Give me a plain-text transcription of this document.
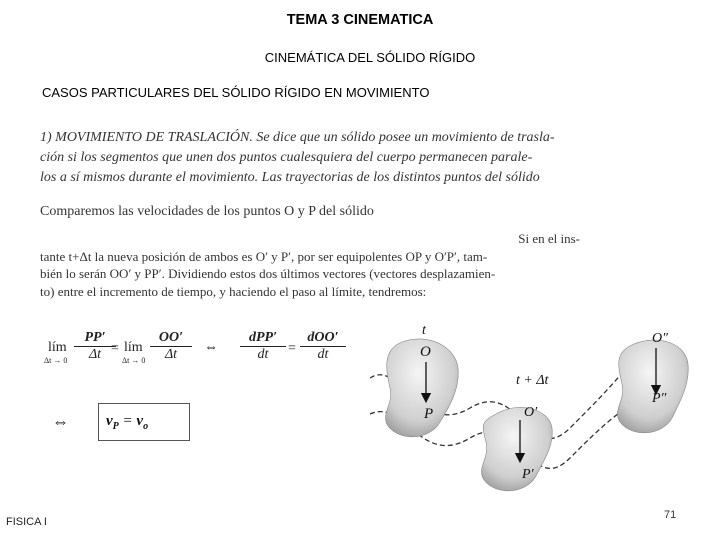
TEMA 3 CINEMATICA
CINEMÁTICA DEL SÓLIDO RÍGIDO
CASOS PARTICULARES DEL SÓLIDO RÍGIDO EN MOVIMIENTO
1) MOVIMIENTO DE TRASLACIÓN. Se dice que un sólido posee un movimiento de trasla-
ción si los segmentos que unen dos puntos cualesquiera del cuerpo permanecen parale-
los a sí mismos durante el movimiento. Las trayectorias de los distintos puntos del sólido
Comparemos las velocidades de los puntos O y P del sólido
Si en el ins-
tante t+Δt la nueva posición de ambos es O′ y P′, por ser equipolentes OP y O′P′, tam-
bién lo serán OO′ y PP′. Dividiendo estos dos últimos vectores (vectores desplazamien-
to) entre el incremento de tiempo, y haciendo el paso al límite, tendremos:
lím
$\Delta t \to 0 \frac{PP'}{\Delta t}$
= lím
$\Delta t \to 0 \frac{OO'}{\Delta t}$ ⇔
dPP′
dt	=
dOO′
dt
⇔ $v_P = v_o$
t
O
P
t + Δt
O′
P′
O″
P″
FISICA I
71
